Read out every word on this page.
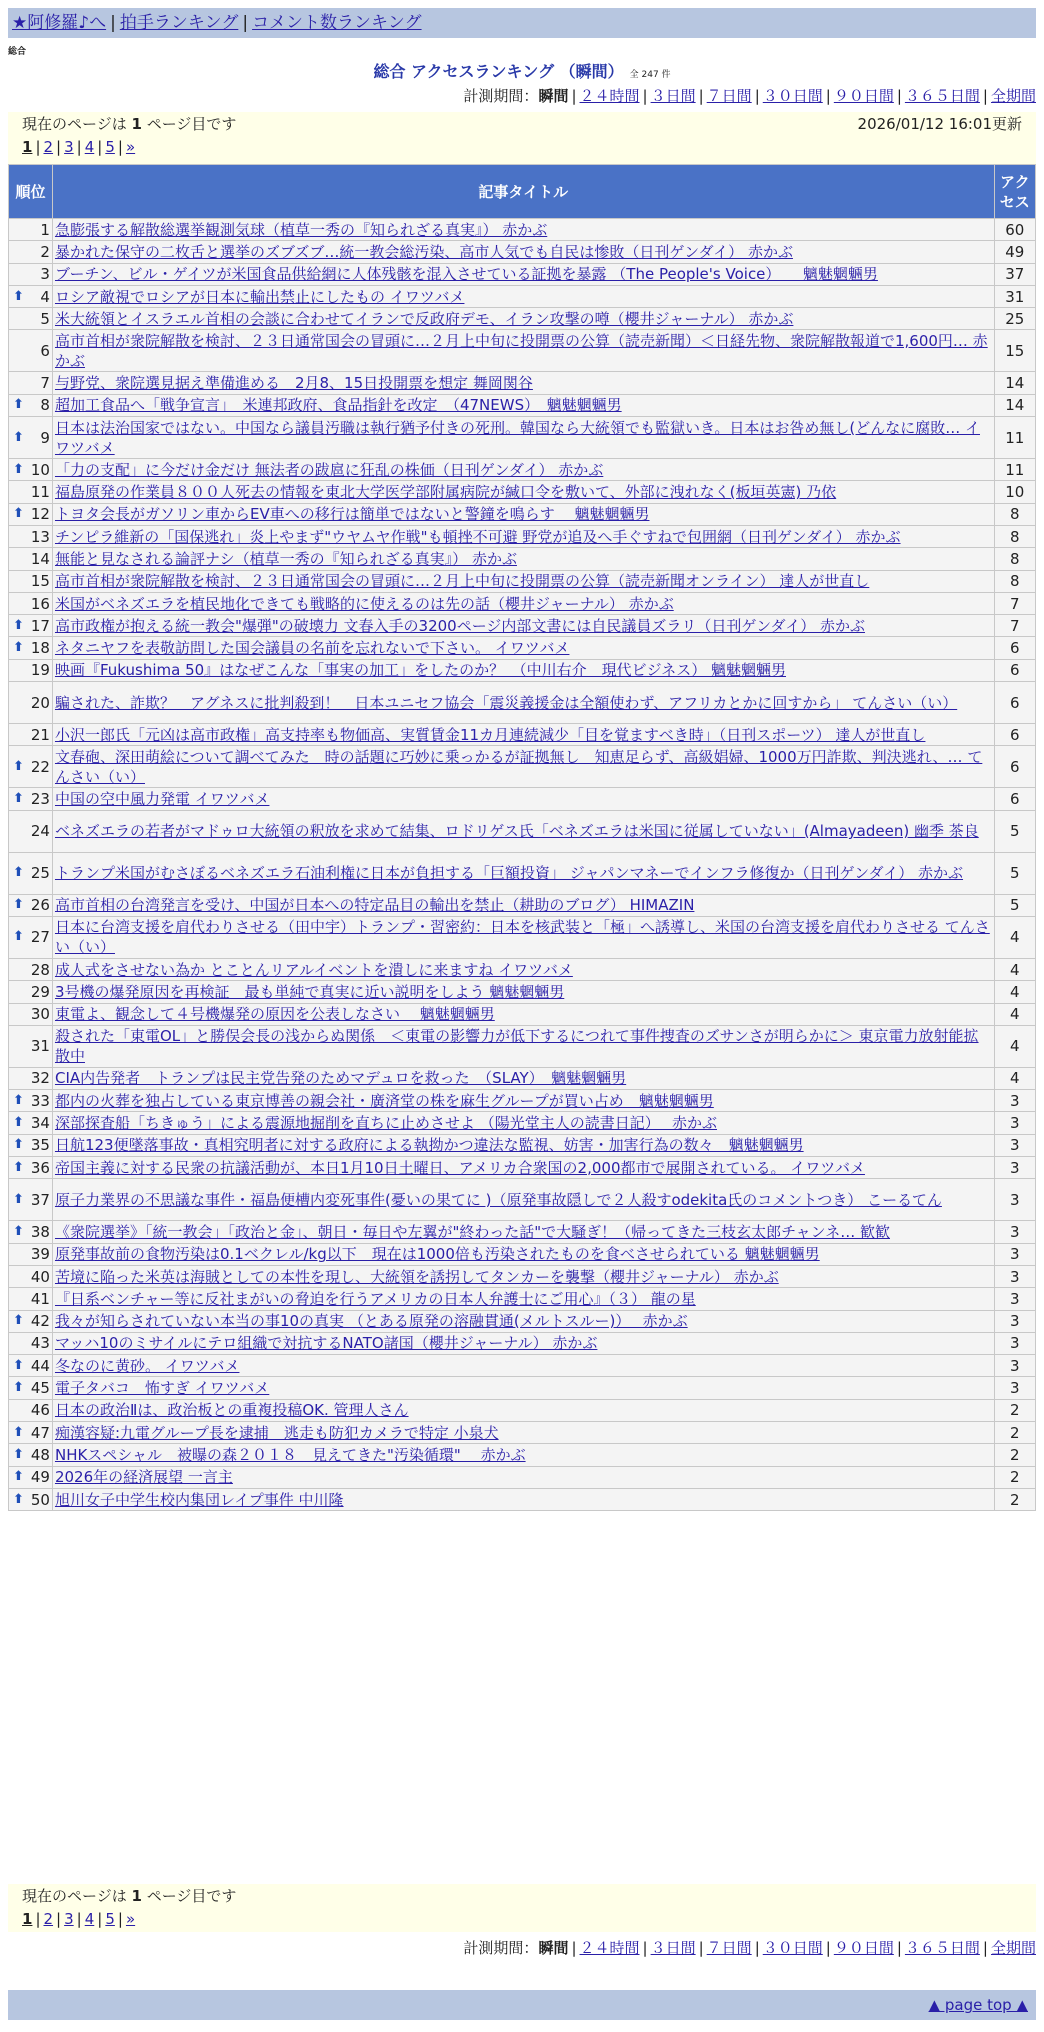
★阿修羅♪へ | 拍手ランキング | コメント数ランキング
総合
総合 アクセスランキング （瞬間） 全 247 件
計測期間：瞬間 | ２４時間 | ３日間 | ７日間 | ３０日間 | ９０日間 | ３６５日間 | 全期間
現在のページは 1 ページ目です	2026/01/12 16:01更新
1 | 2 | 3 | 4 | 5 | »
順位	記事タイトル	アクセス
1	急膨張する解散総選挙観測気球（植草一秀の『知られざる真実』） 赤かぶ	60
2	暴かれた保守の二枚舌と選挙のズブズブ…統一教会総汚染、高市人気でも自民は惨敗（日刊ゲンダイ） 赤かぶ	49
3	ブーチン、ビル・ゲイツが米国食品供給網に人体残骸を混入させている証拠を暴露 （The People's Voice）　　魑魅魍魎男	37

⬆ 4	ロシア敵視でロシアが日本に輸出禁止にしたもの イワツバメ	31
5	米大統領とイスラエル首相の会談に合わせてイランで反政府デモ、イラン攻撃の噂（櫻井ジャーナル） 赤かぶ	25
6	高市首相が衆院解散を検討、２３日通常国会の冒頭に…２月上中旬に投開票の公算（読売新聞）＜日経先物、衆院解散報道で1,600円… 赤かぶ	15
7	与野党、衆院選見据え準備進める　2月8、15日投開票を想定 舞岡関谷	14

⬆ 8	超加工食品へ「戦争宣言」　米連邦政府、食品指針を改定　（47NEWS）　魑魅魍魎男	14

⬆ 9	日本は法治国家ではない。中国なら議員汚職は執行猶予付きの死刑。韓国なら大統領でも監獄いき。日本はお咎め無し(どんなに腐敗… イワツバメ	11

⬆ 10	「力の支配」に今だけ金だけ 無法者の跋扈に狂乱の株価（日刊ゲンダイ） 赤かぶ	11
11	福島原発の作業員８００人死去の情報を東北大学医学部附属病院が緘口令を敷いて、外部に洩れなく(板垣英憲) 乃依	10

⬆ 12	トヨタ会長がガソリン車からEV車への移行は簡単ではないと警鐘を鳴らす　 魑魅魍魎男	8
13	チンピラ維新の「国保逃れ」炎上やまず"ウヤムヤ作戦"も頓挫不可避 野党が追及へ手ぐすねで包囲網（日刊ゲンダイ） 赤かぶ	8
14	無能と見なされる論評ナシ（植草一秀の『知られざる真実』） 赤かぶ	8
15	高市首相が衆院解散を検討、２３日通常国会の冒頭に…２月上中旬に投開票の公算（読売新聞オンライン） 達人が世直し	8
16	米国がベネズエラを植民地化できても戦略的に使えるのは先の話（櫻井ジャーナル） 赤かぶ	7

⬆ 17	高市政権が抱える統一教会"爆弾"の破壊力 文春入手の3200ページ内部文書には自民議員ズラリ（日刊ゲンダイ） 赤かぶ	7

⬆ 18	ネタニヤフを表敬訪問した国会議員の名前を忘れないで下さい。 イワツバメ	6
19	映画『Fukushima 50』はなぜこんな「事実の加工」をしたのか？　（中川右介　現代ビジネス） 魑魅魍魎男	6
20	騙された、詐欺？　アグネスに批判殺到！　日本ユニセフ協会「震災義援金は全額使わず、アフリカとかに回すから」 てんさい（い）	6
21	小沢一郎氏「元凶は高市政権」高支持率も物価高、実質賃金11カ月連続減少「目を覚ますべき時」（日刊スポーツ） 達人が世直し	6

⬆ 22	文春砲、深田萌絵について調べてみた　時の話題に巧妙に乗っかるが証拠無し　知恵足らず、高級娼婦、1000万円詐欺、判決逃れ、… てんさい（い）	6

⬆ 23	中国の空中風力発電 イワツバメ	6
24	ベネズエラの若者がマドゥロ大統領の釈放を求めて結集、ロドリゲス氏「ベネズエラは米国に従属していない」(Almayadeen) 幽季 茶良	5

⬆ 25	トランプ米国がむさぼるベネズエラ石油利権に日本が負担する「巨額投資」 ジャパンマネーでインフラ修復か（日刊ゲンダイ） 赤かぶ	5

⬆ 26	高市首相の台湾発言を受け、中国が日本への特定品目の輸出を禁止（耕助のブログ） HIMAZIN	5

⬆ 27	日本に台湾支援を肩代わりさせる（田中宇）トランプ・習密約：日本を核武装と「極」へ誘導し、米国の台湾支援を肩代わりさせる てんさい（い）	4
28	成人式をさせない為か とことんリアルイベントを潰しに来ますね イワツバメ	4
29	3号機の爆発原因を再検証　最も単純で真実に近い説明をしよう 魑魅魍魎男	4
30	東電よ、観念して４号機爆発の原因を公表しなさい　 魑魅魍魎男	4
31	殺された「東電OL」と勝俣会長の浅からぬ関係　＜東電の影響力が低下するにつれて事件捜査のズサンさが明らかに＞ 東京電力放射能拡散中	4
32	CIA内告発者　トランプは民主党告発のためマデュロを救った　（SLAY）　魑魅魍魎男	4

⬆ 33	都内の火葬を独占している東京博善の親会社・廣済堂の株を麻生グループが買い占め　魑魅魍魎男	3

⬆ 34	深部探査船「ちきゅう」による震源地掘削を直ちに止めさせよ （陽光堂主人の読書日記）　 赤かぶ	3

⬆ 35	日航123便墜落事故・真相究明者に対する政府による執拗かつ違法な監視、妨害・加害行為の数々　魑魅魍魎男	3

⬆ 36	帝国主義に対する民衆の抗議活動が、本日1月10日土曜日、アメリカ合衆国の2,000都市で展開されている。 イワツバメ	3

⬆ 37	原子力業界の不思議な事件・福島便槽内変死事件(憂いの果てに )（原発事故隠しで２人殺すodekita氏のコメントつき） こーるてん	3

⬆ 38	《衆院選挙》「統一教会」「政治と金」、朝日・毎日や左翼が"終わった話"で大騒ぎ！（帰ってきた三枝玄太郎チャンネ… 歓歓	3
39	原発事故前の食物汚染は0.1ベクレル/kg以下　現在は1000倍も汚染されたものを食べさせられている 魑魅魍魎男	3
40	苦境に陥った米英は海賊としての本性を現し、大統領を誘拐してタンカーを襲撃（櫻井ジャーナル） 赤かぶ	3
41	『日系ベンチャー等に反社まがいの脅迫を行うアメリカの日本人弁護士にご用心』（３） 龍の星	3

⬆ 42	我々が知らされていない本当の事10の真実 （とある原発の溶融貫通(メルトスルー)）　 赤かぶ	3
43	マッハ10のミサイルにテロ組織で対抗するNATO諸国（櫻井ジャーナル） 赤かぶ	3

⬆ 44	冬なのに黄砂。 イワツバメ	3

⬆ 45	電子タバコ　怖すぎ イワツバメ	3
46	日本の政治Ⅱは、政治板との重複投稿OK. 管理人さん	2

⬆ 47	痴漢容疑:九電グループ長を逮捕　逃走も防犯カメラで特定 小泉犬	2

⬆ 48	NHKスペシャル　被曝の森２０１８　見えてきた"汚染循環"　 赤かぶ	2

⬆ 49	2026年の経済展望 一言主	2

⬆ 50	旭川女子中学生校内集団レイプ事件 中川隆	2
現在のページは 1 ページ目です
1 | 2 | 3 | 4 | 5 | »
計測期間：瞬間 | ２４時間 | ３日間 | ７日間 | ３０日間 | ９０日間 | ３６５日間 | 全期間
▲ page top ▲
